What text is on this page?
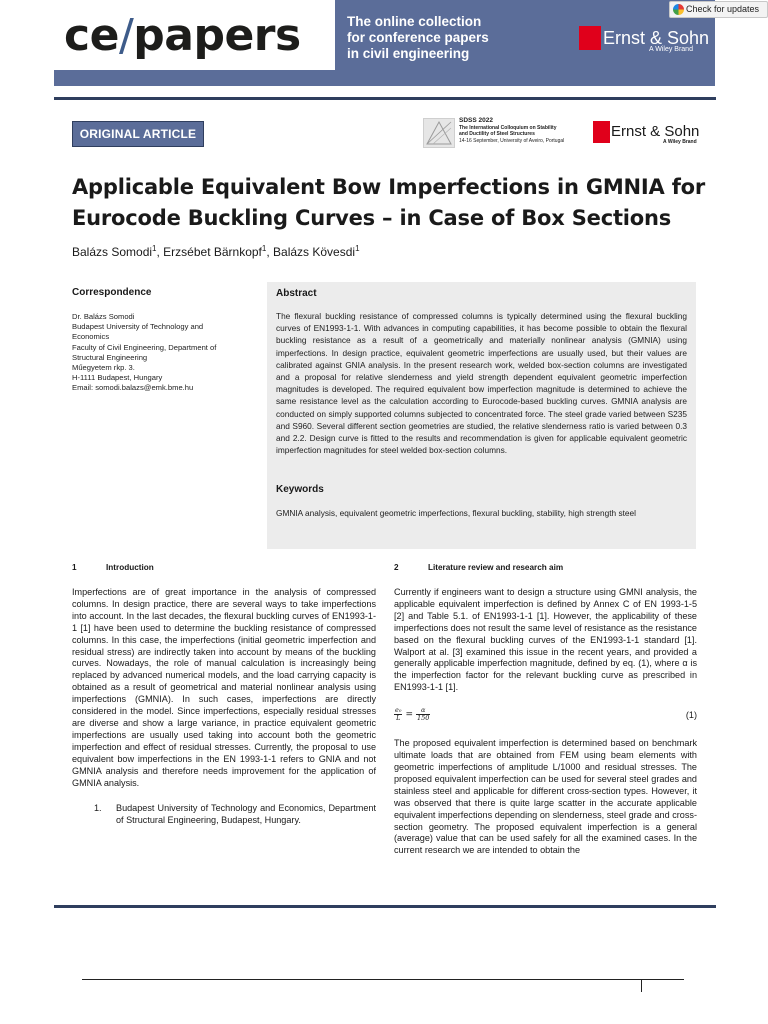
ce/papers	The online collection
for conference papers
in civil engineering
Ernst & Sohn
A Wiley Brand
Check for updates
ORIGINAL ARTICLE
SDSS 2022
The International Colloquium on Stability
and Ductility of Steel Structures
14-16 September, University of Aveiro, Portugal
Ernst & Sohn
A Wiley Brand
Applicable Equivalent Bow Imperfections in GMNIA for
Eurocode Buckling Curves – in Case of Box Sections
Balázs Somodi$^1$, Erzsébet Bärnkopf$^1$, Balázs Kövesdi$^1$
Correspondence
Dr. Balázs Somodi
Budapest University of Technology and Economics
Faculty of Civil Engineering, Department of Structural Engineering
Műegyetem rkp. 3.
H-1111 Budapest, Hungary
Email: somodi.balazs@emk.bme.hu
Abstract
The flexural buckling resistance of compressed columns is typically determined using the flexural buckling curves of EN1993-1-1. With advances in computing capabilities, it has become possible to obtain the flexural buckling resistance as a result of a geometrically and materially nonlinear analysis (GMNIA) using imperfections. In design practice, equivalent geometric imperfections are usually used, but their values are calibrated against GNIA analysis. In the present research work, welded box-section columns are investigated and a proposal for relative slenderness and yield strength dependent equivalent geometric imperfection magnitudes is developed. The required equivalent bow imperfection magnitude is determined to achieve the same resistance level as the calculation according to Eurocode-based buckling curves. GMNIA analysis are conducted on simply supported columns subjected to concentrated force. The steel grade varied between S235 and S960. Several different section geometries are studied, the relative slenderness ratio is varied between 0.3 and 2.2. Design curve is fitted to the results and recommendation is given for applicable equivalent geometric imperfection magnitudes for steel welded box-section columns.
Keywords
GMNIA analysis, equivalent geometric imperfections, flexural buckling, stability, high strength steel
1	Introduction	2	Literature review and research aim
Imperfections are of great importance in the analysis of compressed columns. In design practice, there are several ways to take imperfections into account. In the last decades, the flexural buckling curves of EN1993-1-1 [1] have been used to determine the buckling resistance of compressed columns. In this case, the imperfections (initial geometric imperfection and residual stress) are indirectly taken into account by means of the buckling curves. Nowadays, the role of manual calculation is increasingly being replaced by advanced numerical models, and the load carrying capacity is obtained as a result of geometrical and material nonlinear analysis using imperfections (GMNIA). In such cases, imperfections are directly considered in the model. Since imperfections, especially residual stresses are diverse and show a large variance, in practice equivalent geometric imperfections are usually used taking into account both the geometric imperfection and effect of residual stresses. Currently, the proposal to use equivalent bow imperfections in the EN 1993-1-1 refers to GNIA and not GMNIA analysis and therefore needs improvement for the application of GMNIA analysis.
1.	Budapest University of Technology and Economics, Department of Structural Engineering, Budapest, Hungary.
Currently if engineers want to design a structure using GMNI analysis, the applicable equivalent imperfection is defined by Annex C of EN 1993-1-5 [2] and Table 5.1. of EN1993-1-1 [1]. However, the applicability of these imperfections does not result the same level of resistance as the resistance based on the flexural buckling curves of the EN1993-1-1 standard [1]. Walport at al. [3] examined this issue in the recent years, and provided a generally applicable imperfection magnitude, defined by eq. (1), where α is the imperfection factor for the relevant buckling curve as prescribed in EN1993-1-1 [1].
$\frac{\text{e₀}}{L} = \frac{\alpha}{150}$	(1)
The proposed equivalent imperfection is determined based on benchmark ultimate loads that are obtained from FEM using beam elements with geometric imperfections of amplitude L/1000 and residual stresses. The proposed equivalent imperfection can be used for several steel grades and stainless steel and applicable for different cross-section types. However, it was observed that there is quite large scatter in the accurate applicable equivalent imperfections depending on slenderness, steel grade and cross-section geometry. The proposed equivalent imperfection is a general (average) value that can be used safely for all the examined cases. In the current research we are intended to obtain the
